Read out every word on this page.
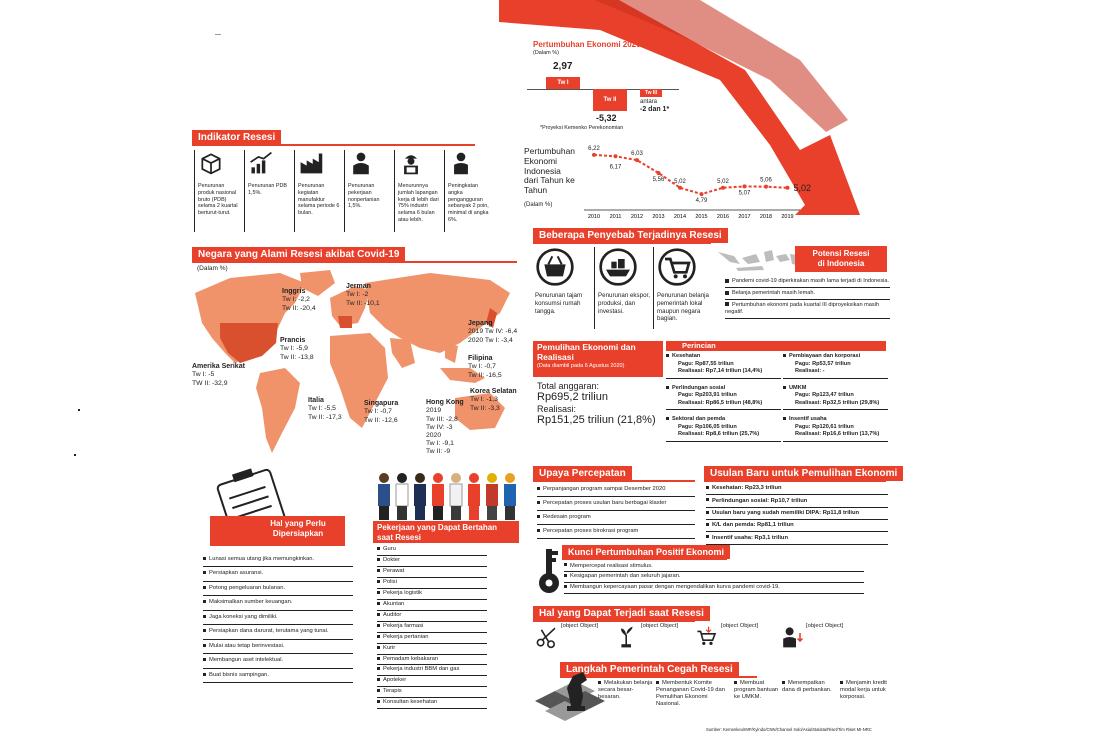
Indikator Resesi
Penurunan produk nasional bruto (PDB) selama 2 kuartal berturut-turut.
Penurunan PDB 1,5%.
Penurunan kegiatan manufaktur selama periode 6 bulan.
Penurunan pekerjaan nonpertanian 1,5%.
Menurunnya jumlah lapangan kerja di lebih dari 75% industri selama 6 bulan atau lebih.
Peningkatan angka pengangguran sebanyak 2 poin, minimal di angka 6%.
Negara yang Alami Resesi akibat Covid-19
(Dalam %)
Inggris
Tw I: -2,2
Tw II: -20,4
Jerman
Tw I: -2
Tw II: -10,1
Prancis
Tw I: -5,9
Tw II: -13,8
Amerika Serikat
Tw I: -5
TW II: -32,9
Italia
Tw I: -5,5
Tw II: -17,3
Singapura
Tw I: -0,7
Tw II: -12,6
Hong Kong
2019
Tw III: -2,8
Tw IV: -3
2020
Tw I: -9,1
Tw II: -9
Jepang
2019 Tw IV: -6,4
2020 Tw I: -3,4
Filipina
Tw I: -0,7
Tw II: -16,5
Korea Selatan
Tw I: -1,3
Tw II: -3,3
Hal yang Perlu
Dipersiapkan
Lunasi semua utang jika memungkinkan.
Persiapkan asuransi.
Potong pengeluaran bulanan.
Maksimalkan sumber keuangan.
Jaga koneksi yang dimiliki.
Persiapkan dana darurat, terutama yang tunai.
Mulai atau tetap berinvestasi.
Membangun aset intelektual.
Buat bisnis sampingan.
Pekerjaan yang Dapat Bertahan
saat Resesi
Guru
Dokter
Perawat
Polisi
Pekerja logistik
Akuntan
Auditor
Pekerja farmasi
Pekerja pertanian
Kurir
Pemadam kebakaran
Pekerja industri BBM dan gas
Apoteker
Terapis
Konsultan kesehatan
Pertumbuhan Ekonomi 2020
(Dalam %)
2,97
Tw I
Tw II
-5,32
Tw III
antara
-2 dan 1*
*Proyeksi Kemenko Perekonomian
Pertumbuhan
Ekonomi
Indonesia
dari Tahun ke
Tahun
(Dalam %)
6,22
2010
6,17
2011
6,03
2012
5,56
2013
5,02
2014
4,79
2015
5,02
2016
5,07
2017
5,06
2018
5,02
2019
Beberapa Penyebab Terjadinya Resesi
Penurunan tajam konsumsi rumah tangga.
Penurunan ekspor, produksi, dan investasi.
Penurunan belanja pemerintah lokal maupun negara bagian.
Potensi Resesi
di Indonesia
Pandemi covid-19 diperkirakan masih lama terjadi di Indonesia.
Belanja pemerintah masih lemah.
Pertumbuhan ekonomi pada kuartal III diproyeksikan masih negatif.
Pemulihan Ekonomi dan
Realisasi
(Data diambil pada 6 Agustus 2020)
Total anggaran:
Rp695,2 triliun
Realisasi:
Rp151,25 triliun (21,8%)
Perincian
Kesehatan
Pagu: Rp87,55 triliun
Realisasi: Rp7,14 triliun (14,4%)
Perlindungan sosial
Pagu: Rp203,91 triliun
Realisasi: Rp86,5 triliun (48,8%)
Sektoral dan pemda
Pagu: Rp106,05 triliun
Realisasi: Rp8,6 triliun (25,7%)
Pembiayaan dan korporasi
Pagu: Rp53,57 triliun
Realisasi: -
UMKM
Pagu: Rp123,47 triliun
Realisasi: Rp32,5 triliun (29,8%)
Insentif usaha
Pagu: Rp120,61 triliun
Realisasi: Rp16,6 triliun (13,7%)
Upaya Percepatan
Perpanjangan program sampai Desember 2020
Percepatan proses usulan baru berbagai klaster
Redesain program
Percepatan proses birokrasi program
Usulan Baru untuk Pemulihan Ekonomi
Kesehatan: Rp23,3 triliun
Perlindungan sosial: Rp10,7 triliun
Usulan baru yang sudah memiliki DIPA: Rp11,8 triliun
K/L dan pemda: Rp81,1 triliun
Insentif usaha: Rp3,1 triliun
Kunci Pertumbuhan Positif Ekonomi
Mempercepat realisasi stimulus.
Kesigapan pemerintah dan seluruh jajaran.
Membangun kepercayaan pasar dengan mengendalikan kurva pandemi covid-19.
Hal yang Dapat Terjadi saat Resesi
[object Object]	[object Object]	[object Object]	[object Object]
Langkah Pemerintah Cegah Resesi
Melakukan belanja secara besar-besaran.
Membentuk Komite Penanganan Covid-19 dan Pemulihan Ekonomi Nasional.
Membuat program bantuan ke UMKM.
Menempatkan dana di perbankan.
Menjamin kredit modal kerja untuk korporasi.
Sumber: Kemenkeu/IMF/Kyindo/CNN/Channel Indo/Asia/Statista/Riset/Tim Riset MI-NRC
